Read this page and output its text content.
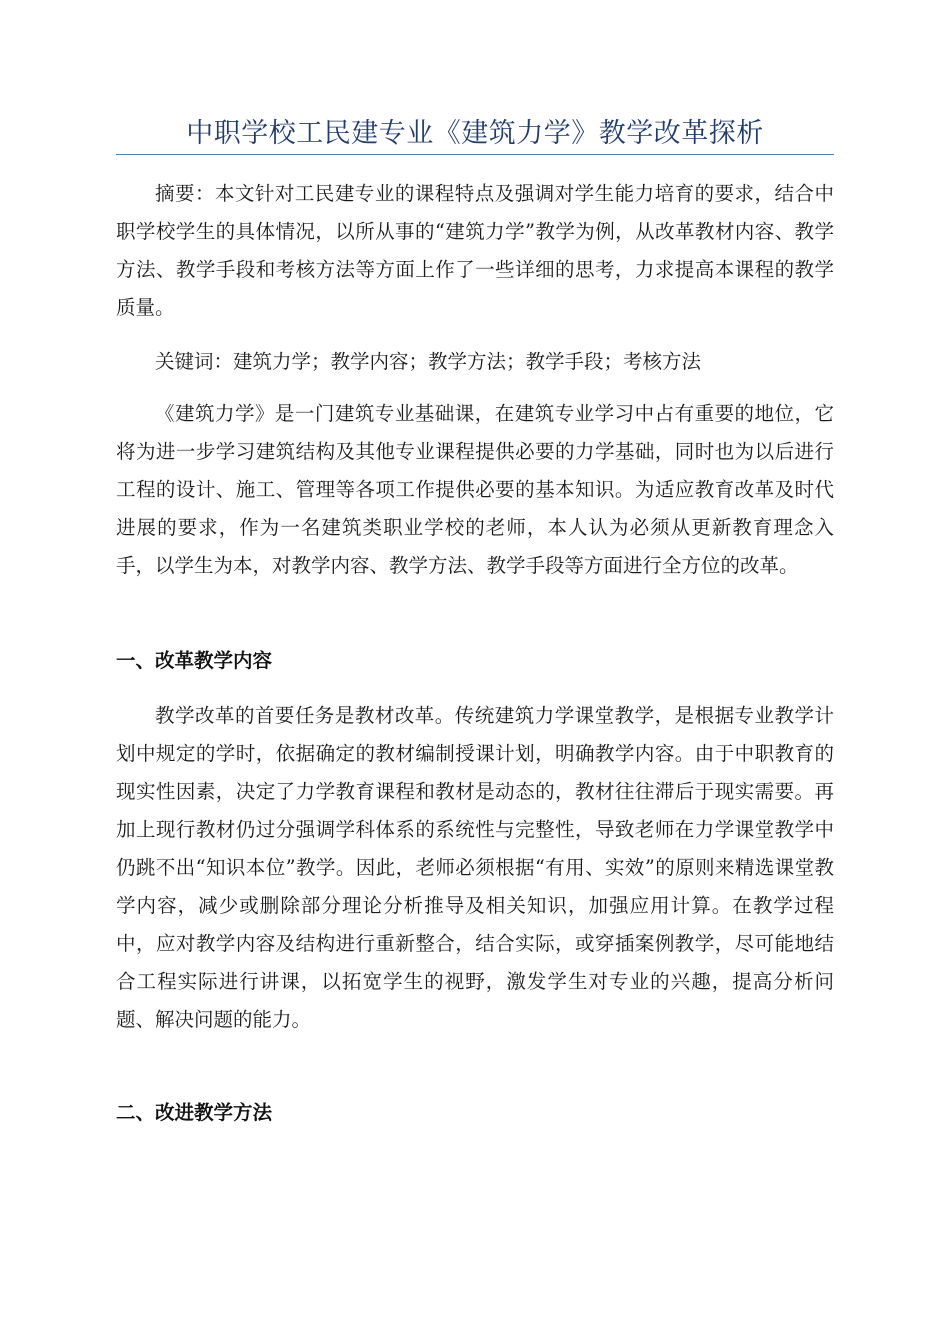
中职学校工民建专业《建筑力学》教学改革探析

摘要：本文针对工民建专业的课程特点及强调对学生能力培育的要求，结合中职学校学生的具体情况，以所从事的“建筑力学”教学为例，从改革教材内容、教学方法、教学手段和考核方法等方面上作了一些详细的思考，力求提高本课程的教学质量。

关键词：建筑力学；教学内容；教学方法；教学手段；考核方法

《建筑力学》是一门建筑专业基础课，在建筑专业学习中占有重要的地位，它将为进一步学习建筑结构及其他专业课程提供必要的力学基础，同时也为以后进行工程的设计、施工、管理等各项工作提供必要的基本知识。为适应教育改革及时代进展的要求，作为一名建筑类职业学校的老师，本人认为必须从更新教育理念入手，以学生为本，对教学内容、教学方法、教学手段等方面进行全方位的改革。

一、改革教学内容

教学改革的首要任务是教材改革。传统建筑力学课堂教学，是根据专业教学计划中规定的学时，依据确定的教材编制授课计划，明确教学内容。由于中职教育的现实性因素，决定了力学教育课程和教材是动态的，教材往往滞后于现实需要。再加上现行教材仍过分强调学科体系的系统性与完整性，导致老师在力学课堂教学中仍跳不出“知识本位”教学。因此，老师必须根据“有用、实效”的原则来精选课堂教学内容，减少或删除部分理论分析推导及相关知识，加强应用计算。在教学过程中，应对教学内容及结构进行重新整合，结合实际，或穿插案例教学，尽可能地结合工程实际进行讲课，以拓宽学生的视野，激发学生对专业的兴趣，提高分析问题、解决问题的能力。

二、改进教学方法
